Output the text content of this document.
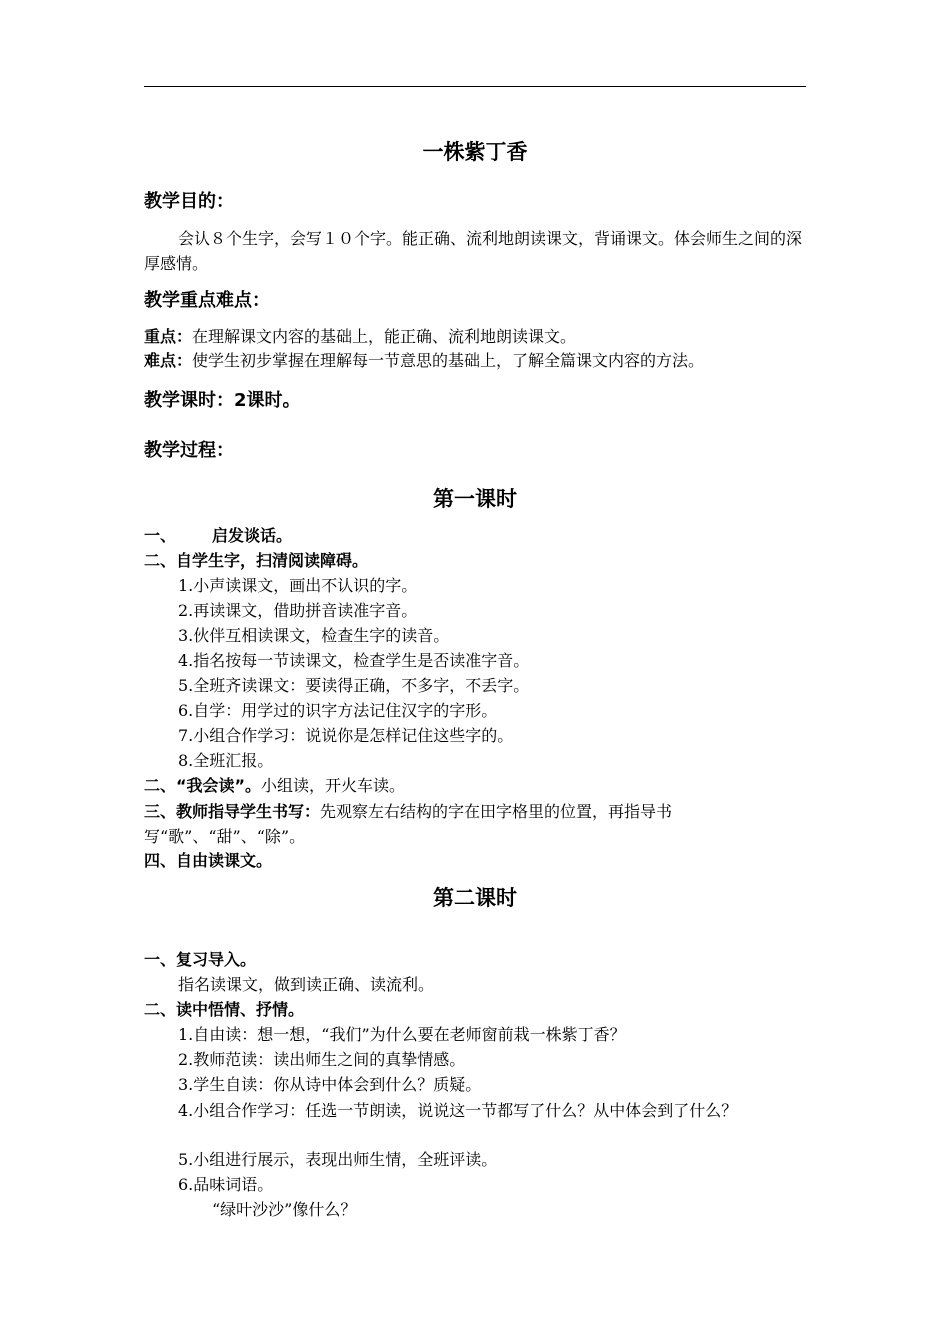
一株紫丁香
教学目的：
会认８个生字，会写１０个字。能正确、流利地朗读课文，背诵课文。体会师生之间的深厚感情。
教学重点难点：
重点：在理解课文内容的基础上，能正确、流利地朗读课文。
难点：使学生初步掌握在理解每一节意思的基础上，了解全篇课文内容的方法。
教学课时：2课时。
教学过程：
第一课时
一、 启发谈话。
二、自学生字，扫清阅读障碍。
1.小声读课文，画出不认识的字。
2.再读课文，借助拼音读准字音。
3.伙伴互相读课文，检查生字的读音。
4.指名按每一节读课文，检查学生是否读准字音。
5.全班齐读课文：要读得正确，不多字，不丢字。
6.自学：用学过的识字方法记住汉字的字形。
7.小组合作学习：说说你是怎样记住这些字的。
8.全班汇报。
二、“我会读”。小组读，开火车读。
三、教师指导学生书写：先观察左右结构的字在田字格里的位置，再指导书写“歌”、“甜”、“除”。
四、自由读课文。
第二课时
一、复习导入。
指名读课文，做到读正确、读流利。
二、读中悟情、抒情。
1.自由读：想一想，“我们”为什么要在老师窗前栽一株紫丁香？
2.教师范读：读出师生之间的真挚情感。
3.学生自读：你从诗中体会到什么？质疑。
4.小组合作学习：任选一节朗读，说说这一节都写了什么？从中体会到了什么？
5.小组进行展示，表现出师生情，全班评读。
6.品味词语。
“绿叶沙沙”像什么？
